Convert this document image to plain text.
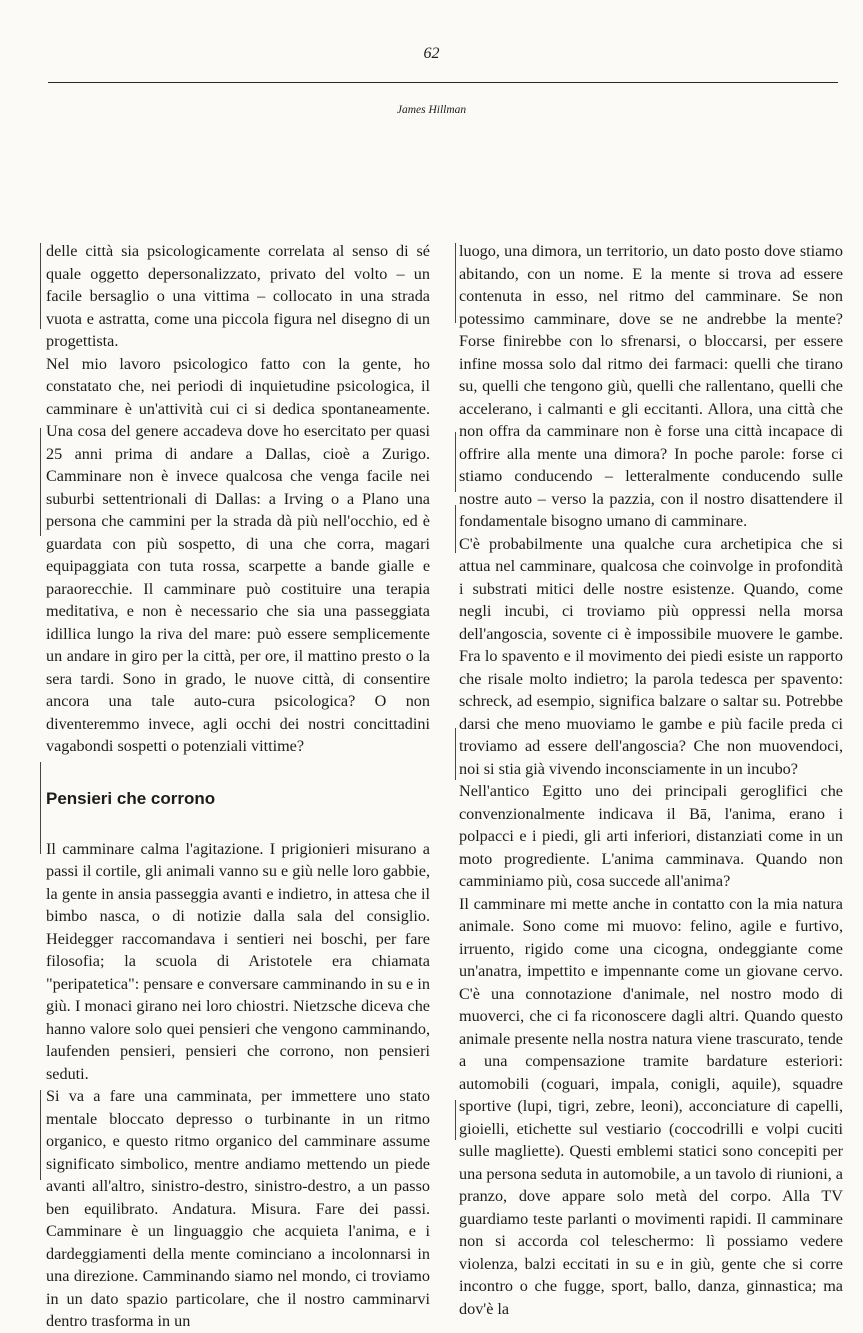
62
James Hillman

delle città sia psicologicamente correlata al senso di sé quale oggetto depersonalizzato, privato del volto – un facile bersaglio o una vittima – collocato in una strada vuota e astratta, come una piccola figura nel disegno di un progettista.

Nel mio lavoro psicologico fatto con la gente, ho constatato che, nei periodi di inquietudine psicologica, il camminare è un'attività cui ci si dedica spontaneamente. Una cosa del genere accadeva dove ho esercitato per quasi 25 anni prima di andare a Dallas, cioè a Zurigo. Camminare non è invece qualcosa che venga facile nei suburbi settentrionali di Dallas: a Irving o a Plano una persona che cammini per la strada dà più nell'occhio, ed è guardata con più sospetto, di una che corra, magari equipaggiata con tuta rossa, scarpette a bande gialle e paraorecchie. Il camminare può costituire una terapia meditativa, e non è necessario che sia una passeggiata idillica lungo la riva del mare: può essere semplicemente un andare in giro per la città, per ore, il mattino presto o la sera tardi. Sono in grado, le nuove città, di consentire ancora una tale auto-cura psicologica? O non diventeremmo invece, agli occhi dei nostri concittadini vagabondi sospetti o potenziali vittime?

Pensieri che corrono

Il camminare calma l'agitazione. I prigionieri misurano a passi il cortile, gli animali vanno su e giù nelle loro gabbie, la gente in ansia passeggia avanti e indietro, in attesa che il bimbo nasca, o di notizie dalla sala del consiglio. Heidegger raccomandava i sentieri nei boschi, per fare filosofia; la scuola di Aristotele era chiamata "peripatetica": pensare e conversare camminando in su e in giù. I monaci girano nei loro chiostri. Nietzsche diceva che hanno valore solo quei pensieri che vengono camminando, laufenden pensieri, pensieri che corrono, non pensieri seduti.

Si va a fare una camminata, per immettere uno stato mentale bloccato depresso o turbinante in un ritmo organico, e questo ritmo organico del camminare assume significato simbolico, mentre andiamo mettendo un piede avanti all'altro, sinistro-destro, sinistro-destro, a un passo ben equilibrato. Andatura. Misura. Fare dei passi. Camminare è un linguaggio che acquieta l'anima, e i dardeggiamenti della mente cominciano a incolonnarsi in una direzione. Camminando siamo nel mondo, ci troviamo in un dato spazio particolare, che il nostro camminarvi dentro trasforma in un

luogo, una dimora, un territorio, un dato posto dove stiamo abitando, con un nome. E la mente si trova ad essere contenuta in esso, nel ritmo del camminare. Se non potessimo camminare, dove se ne andrebbe la mente? Forse finirebbe con lo sfrenarsi, o bloccarsi, per essere infine mossa solo dal ritmo dei farmaci: quelli che tirano su, quelli che tengono giù, quelli che rallentano, quelli che accelerano, i calmanti e gli eccitanti. Allora, una città che non offra da camminare non è forse una città incapace di offrire alla mente una dimora? In poche parole: forse ci stiamo conducendo – letteralmente conducendo sulle nostre auto – verso la pazzia, con il nostro disattendere il fondamentale bisogno umano di camminare.

C'è probabilmente una qualche cura archetipica che si attua nel camminare, qualcosa che coinvolge in profondità i substrati mitici delle nostre esistenze. Quando, come negli incubi, ci troviamo più oppressi nella morsa dell'angoscia, sovente ci è impossibile muovere le gambe. Fra lo spavento e il movimento dei piedi esiste un rapporto che risale molto indietro; la parola tedesca per spavento: schreck, ad esempio, significa balzare o saltar su. Potrebbe darsi che meno muoviamo le gambe e più facile preda ci troviamo ad essere dell'angoscia? Che non muovendoci, noi si stia già vivendo inconsciamente in un incubo?

Nell'antico Egitto uno dei principali geroglifici che convenzionalmente indicava il Bā, l'anima, erano i polpacci e i piedi, gli arti inferiori, distanziati come in un moto progrediente. L'anima camminava. Quando non camminiamo più, cosa succede all'anima?

Il camminare mi mette anche in contatto con la mia natura animale. Sono come mi muovo: felino, agile e furtivo, irruento, rigido come una cicogna, ondeggiante come un'anatra, impettito e impennante come un giovane cervo. C'è una connotazione d'animale, nel nostro modo di muoverci, che ci fa riconoscere dagli altri. Quando questo animale presente nella nostra natura viene trascurato, tende a una compensazione tramite bardature esteriori: automobili (coguari, impala, conigli, aquile), squadre sportive (lupi, tigri, zebre, leoni), acconciature di capelli, gioielli, etichette sul vestiario (coccodrilli e volpi cuciti sulle magliette). Questi emblemi statici sono concepiti per una persona seduta in automobile, a un tavolo di riunioni, a pranzo, dove appare solo metà del corpo. Alla TV guardiamo teste parlanti o movimenti rapidi. Il camminare non si accorda col teleschermo: lì possiamo vedere violenza, balzi eccitati in su e in giù, gente che si corre incontro o che fugge, sport, ballo, danza, ginnastica; ma dov'è la
